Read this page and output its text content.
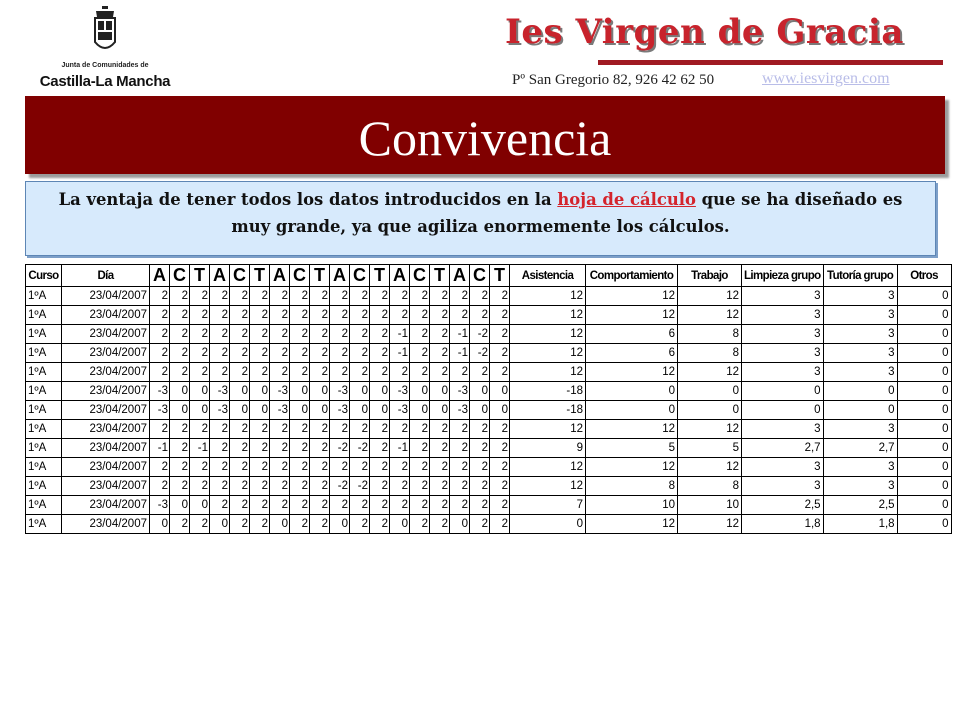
Junta de Comunidades de
Castilla-La Mancha
Ies Virgen de Gracia
Pº San Gregorio 82, 926 42 62 50	www.iesvirgen.com
Convivencia

La ventaja de tener todos los datos introducidos en la hoja de cálculo que se ha diseñado es muy grande, ya que agiliza enormemente los cálculos.

Curso	Día	A	C	T	A	C	T	A	C	T	A	C	T	A	C	T	A	C	T	Asistencia	Comportamiento	Trabajo	Limpieza grupo	Tutoría grupo	Otros
1ºA	23/04/2007	2	2	2	2	2	2	2	2	2	2	2	2	2	2	2	2	2	2	12	12	12	3	3	0
1ºA	23/04/2007	2	2	2	2	2	2	2	2	2	2	2	2	2	2	2	2	2	2	12	12	12	3	3	0
1ºA	23/04/2007	2	2	2	2	2	2	2	2	2	2	2	2	-1	2	2	-1	-2	2	12	6	8	3	3	0
1ºA	23/04/2007	2	2	2	2	2	2	2	2	2	2	2	2	-1	2	2	-1	-2	2	12	6	8	3	3	0
1ºA	23/04/2007	2	2	2	2	2	2	2	2	2	2	2	2	2	2	2	2	2	2	12	12	12	3	3	0
1ºA	23/04/2007	-3	0	0	-3	0	0	-3	0	0	-3	0	0	-3	0	0	-3	0	0	-18	0	0	0	0	0
1ºA	23/04/2007	-3	0	0	-3	0	0	-3	0	0	-3	0	0	-3	0	0	-3	0	0	-18	0	0	0	0	0
1ºA	23/04/2007	2	2	2	2	2	2	2	2	2	2	2	2	2	2	2	2	2	2	12	12	12	3	3	0
1ºA	23/04/2007	-1	2	-1	2	2	2	2	2	2	-2	-2	2	-1	2	2	2	2	2	9	5	5	2,7	2,7	0
1ºA	23/04/2007	2	2	2	2	2	2	2	2	2	2	2	2	2	2	2	2	2	2	12	12	12	3	3	0
1ºA	23/04/2007	2	2	2	2	2	2	2	2	2	-2	-2	2	2	2	2	2	2	2	12	8	8	3	3	0
1ºA	23/04/2007	-3	0	0	2	2	2	2	2	2	2	2	2	2	2	2	2	2	2	7	10	10	2,5	2,5	0
1ºA	23/04/2007	0	2	2	0	2	2	0	2	2	0	2	2	0	2	2	0	2	2	0	12	12	1,8	1,8	0
